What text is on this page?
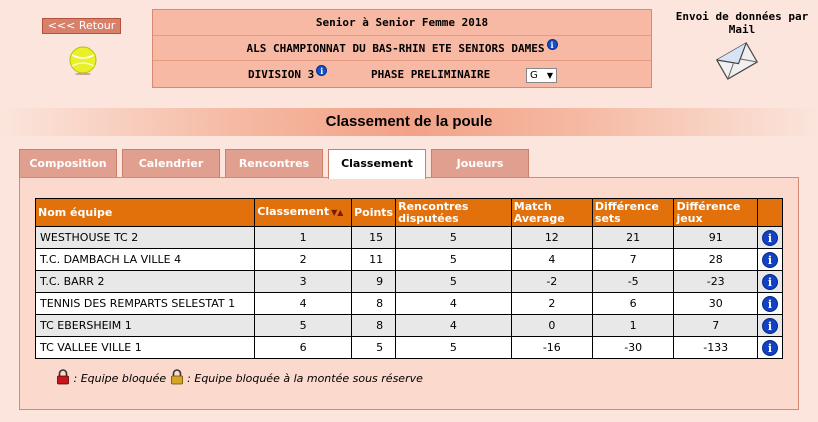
<<< Retour	Senior à Senior Femme 2018
ALS CHAMPIONNAT DU BAS-RHIN ETE SENIORS DAMES i
DIVISION 3 i	PHASE PRELIMINAIRE	G ▼
Envoi de données par Mail
Classement de la poule
Composition	Calendrier	Rencontres	Classement	Joueurs
Nom équipe	Classement ▼▲	Points	Rencontres disputées	Match Average	Différence sets	Différence jeux	
WESTHOUSE TC 2	1	15	5	12	21	91	i
T.C. DAMBACH LA VILLE 4	2	11	5	4	7	28	i
T.C. BARR 2	3	9	5	-2	-5	-23	i
TENNIS DES REMPARTS SELESTAT 1	4	8	4	2	6	30	i
TC EBERSHEIM 1	5	8	4	0	1	7	i
TC VALLEE VILLE 1	6	5	5	-16	-30	-133	i
: Equipe bloquée : Equipe bloquée à la montée sous réserve
